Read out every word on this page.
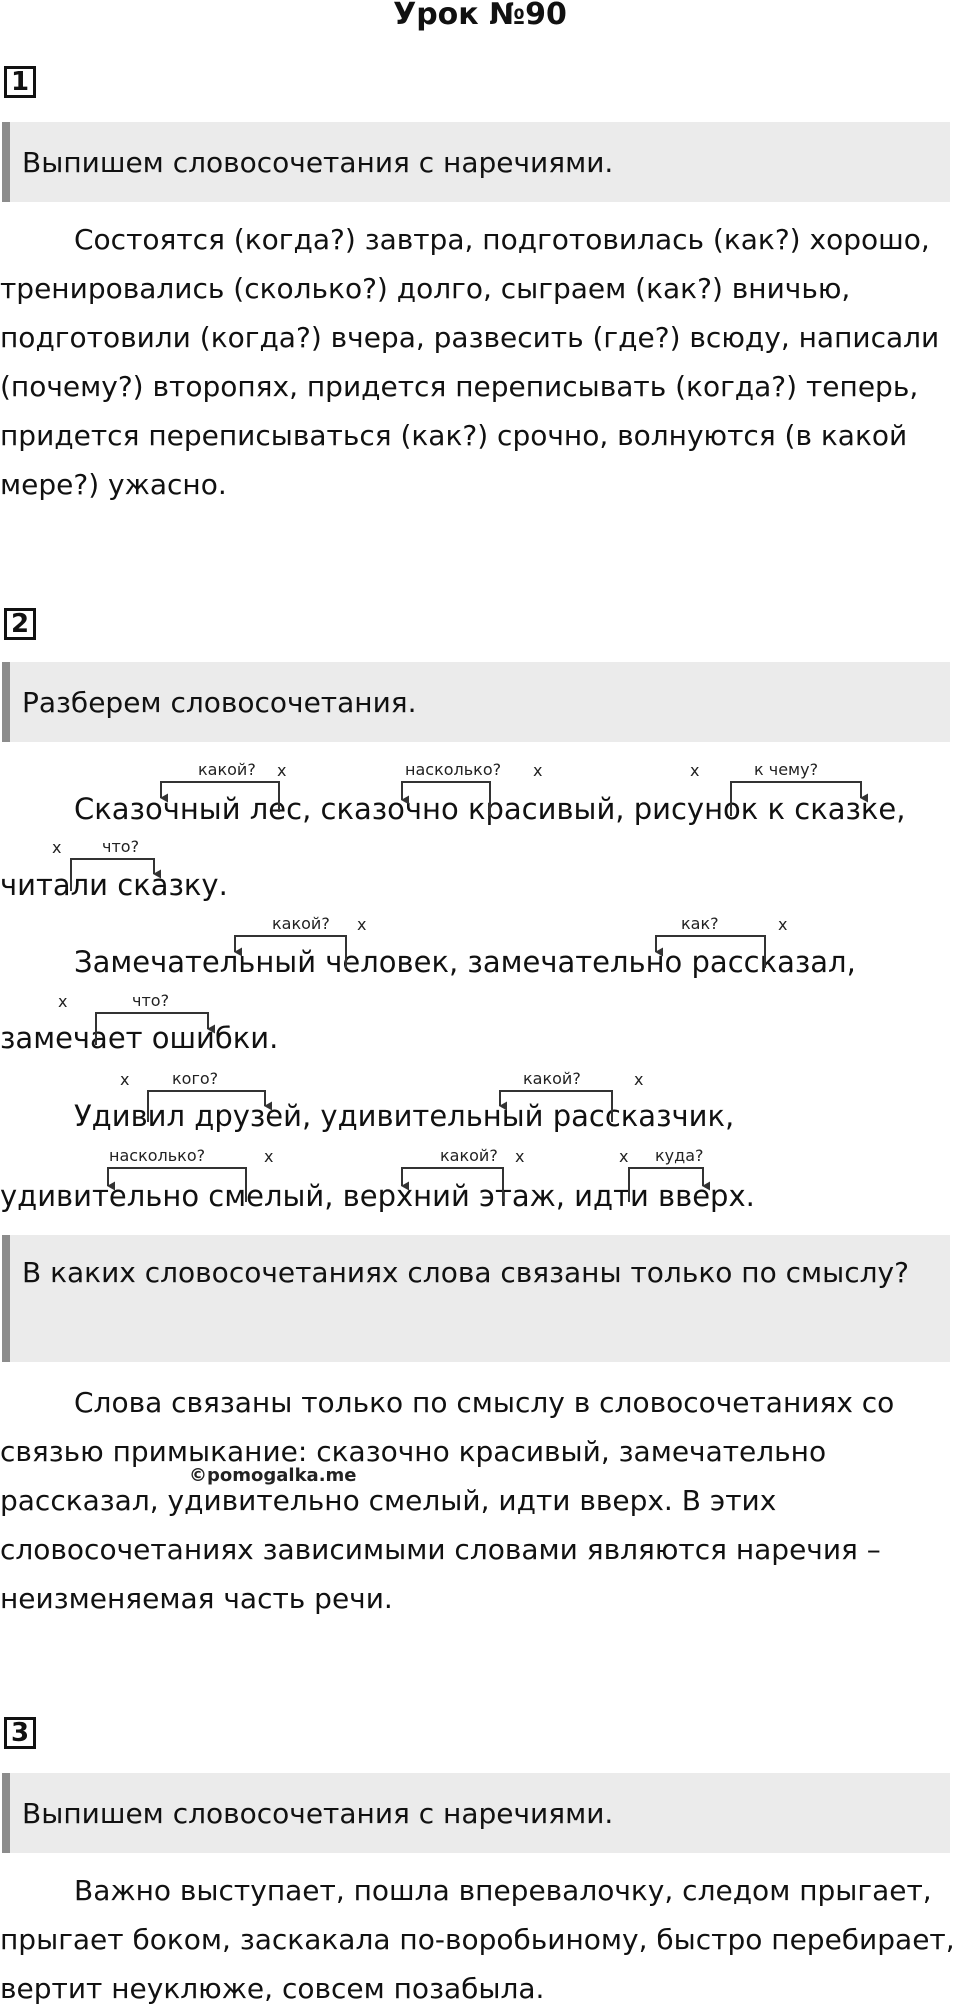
Урок №90
1
Выпишем словосочетания с наречиями.

Состоятся (когда?) завтра, подготовилась (как?) хорошо, тренировались (сколько?) долго, сыграем (как?) вничью, подготовили (когда?) вчера, развесить (где?) всюду, написали (почему?) второпях, придется переписывать (когда?) теперь, придется переписываться (как?) срочно, волнуются (в какой мере?) ужасно.

2
Разберем словосочетания.
Сказочный лес, сказочно красивый, рисунок к сказке,
читали сказку.
Замечательный человек, замечательно рассказал,
замечает ошибки.
Удивил друзей, удивительный рассказчик,
удивительно смелый, верхний этаж, идти вверх.
какой? x	насколько? x	x	к чему?
x	что?
какой? x	как?	x
x	что?
x	кого?	какой?	x
насколько?	x	какой? x	x куда?
В каких словосочетаниях слова связаны только по смыслу?

Слова связаны только по смыслу в словосочетаниях со связью примыкание: сказочно красивый, замечательно рассказал, удивительно смелый, идти вверх. В этих словосочетаниях зависимыми словами являются наречия – неизменяемая часть речи.

©pomogalka.me
3
Выпишем словосочетания с наречиями.

Важно выступает, пошла вперевалочку, следом прыгает, прыгает боком, заскакала по-воробьиному, быстро перебирает, вертит неуклюже, совсем позабыла.
